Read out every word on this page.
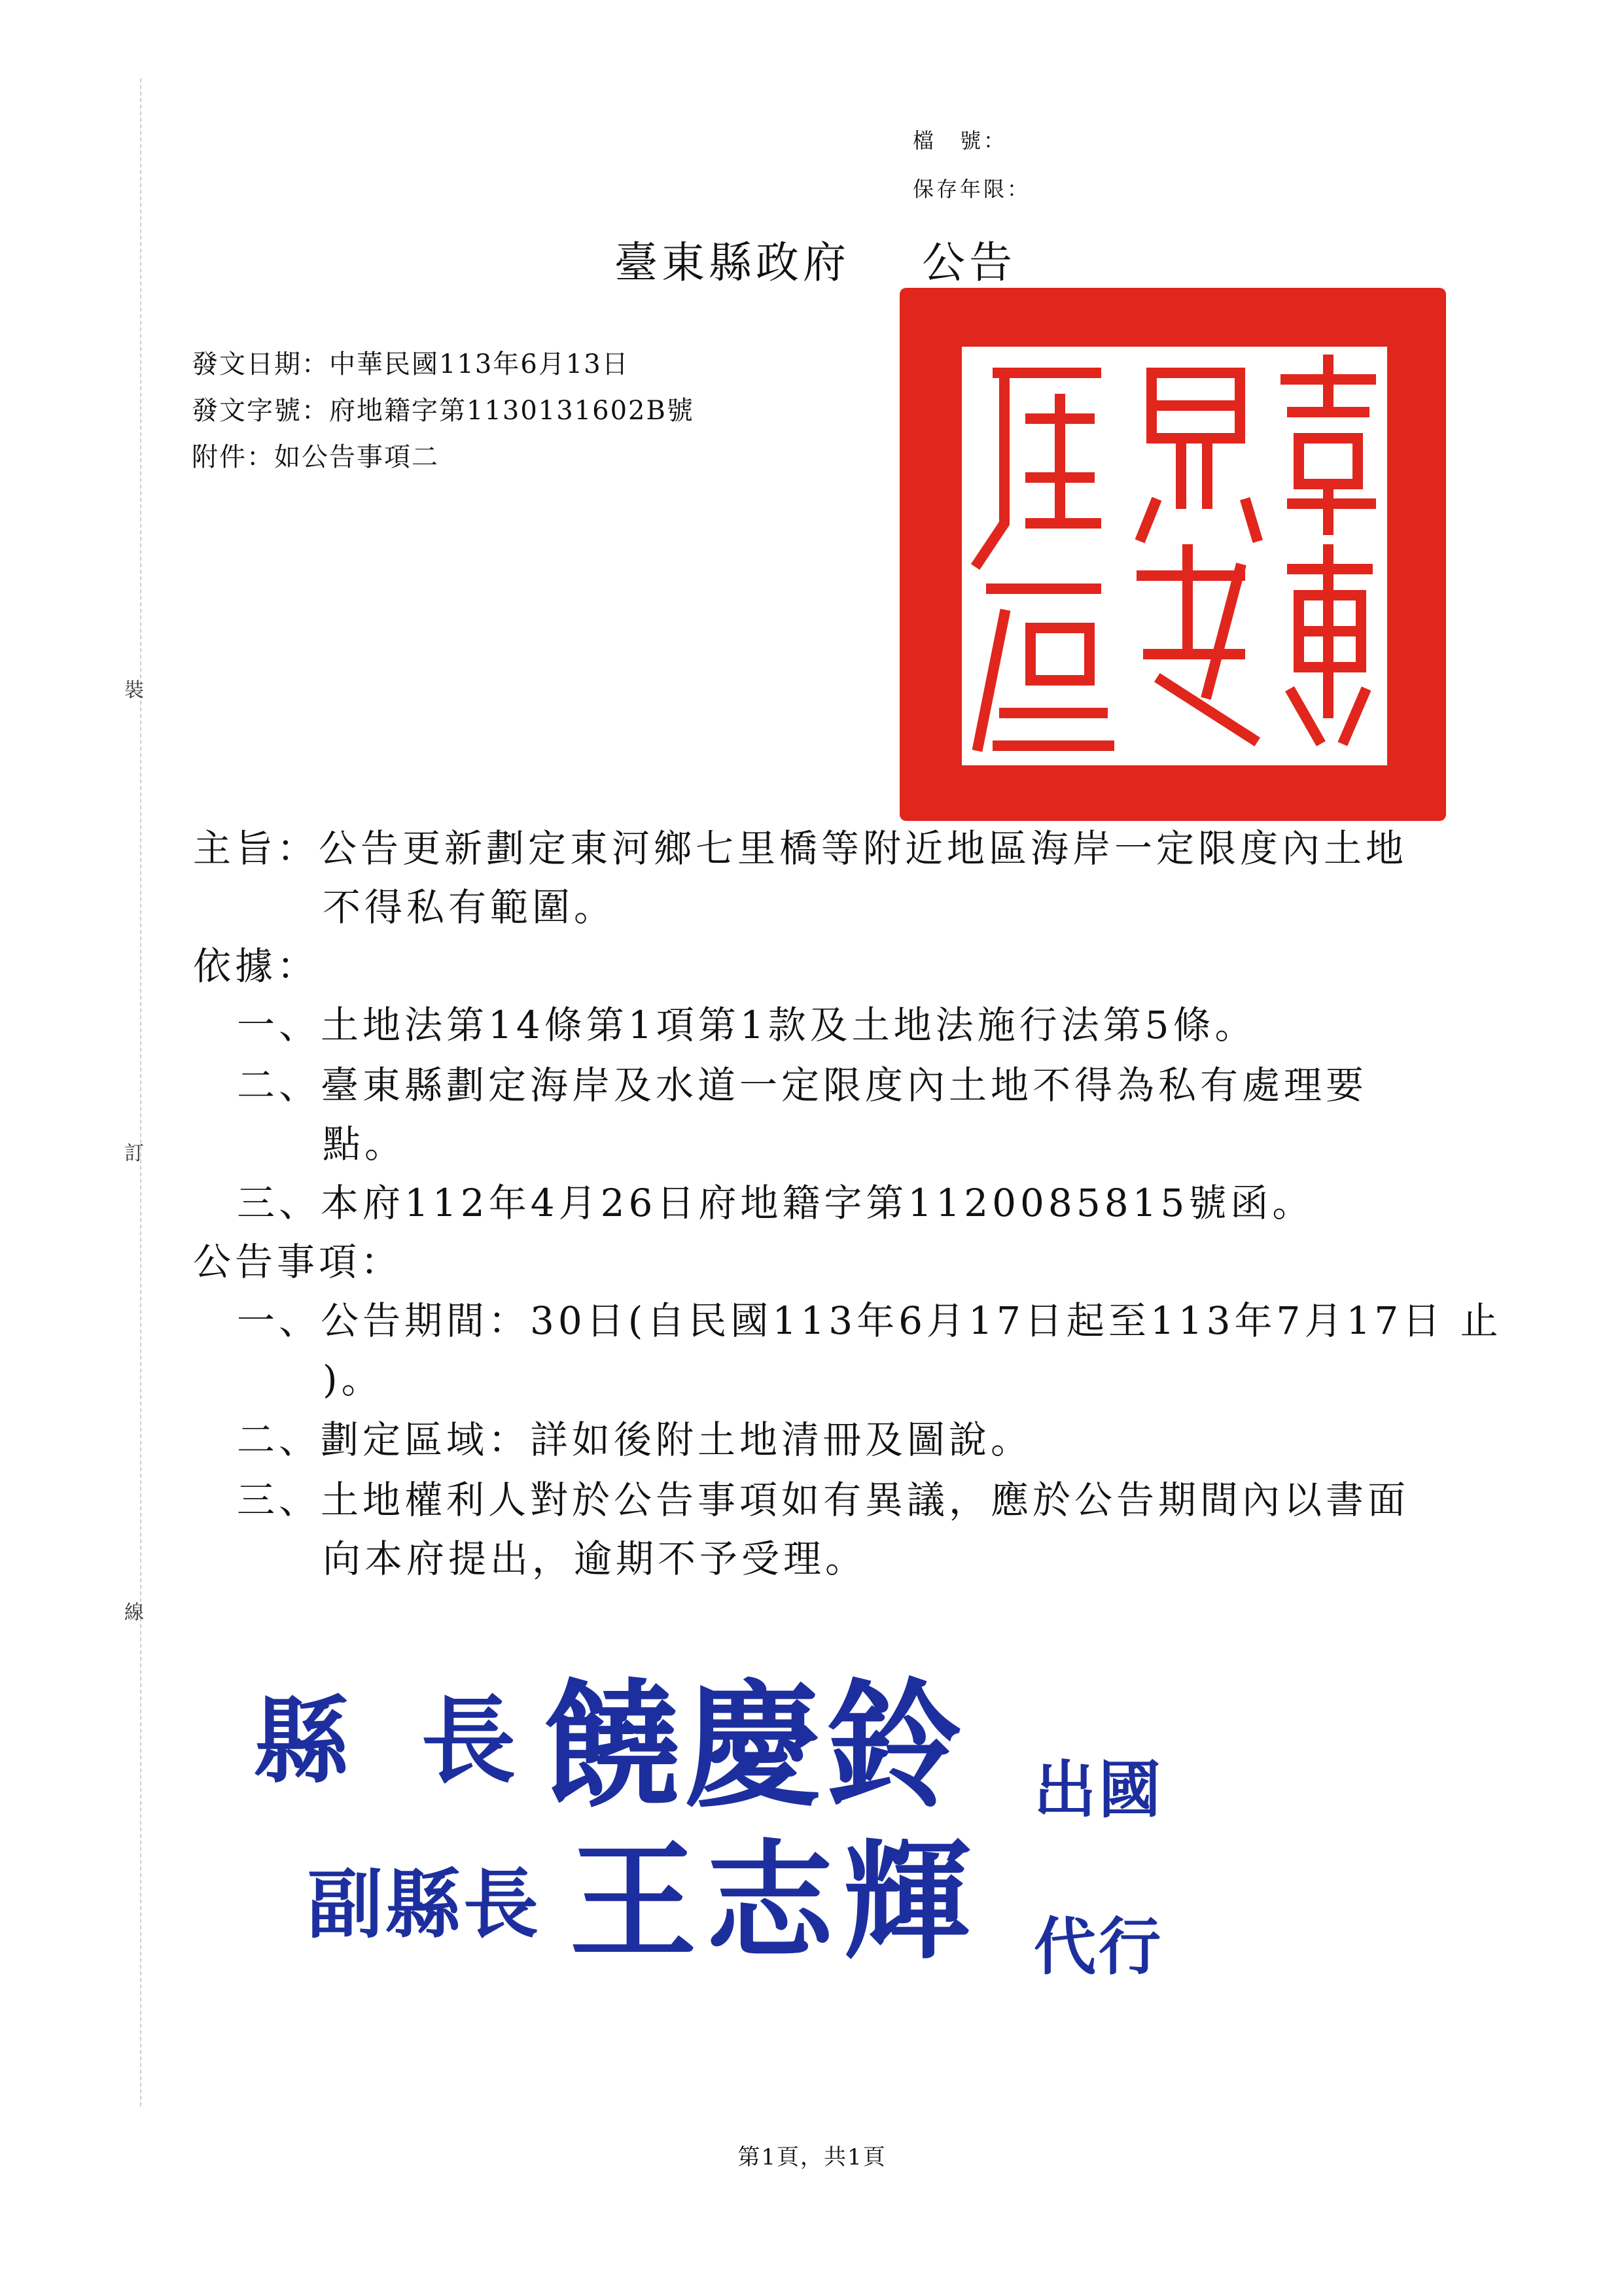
檔　號：
保存年限：
臺東縣政府 公告
發文日期：中華民國113年6月13日
發文字號：府地籍字第1130131602B號
附件：如公告事項二
裝
訂
線
主旨：公告更新劃定東河鄉七里橋等附近地區海岸一定限度內土地
不得私有範圍。
依據：
一、土地法第14條第1項第1款及土地法施行法第5條。
二、臺東縣劃定海岸及水道一定限度內土地不得為私有處理要
點。
三、本府112年4月26日府地籍字第1120085815號函。
公告事項：
一、公告期間：30日(自民國113年6月17日起至113年7月17日 止
)。
二、劃定區域：詳如後附土地清冊及圖說。
三、土地權利人對於公告事項如有異議，應於公告期間內以書面
向本府提出，逾期不予受理。
縣 長 饒慶鈴 出國
副縣長 王志輝 代行
第1頁，共1頁
